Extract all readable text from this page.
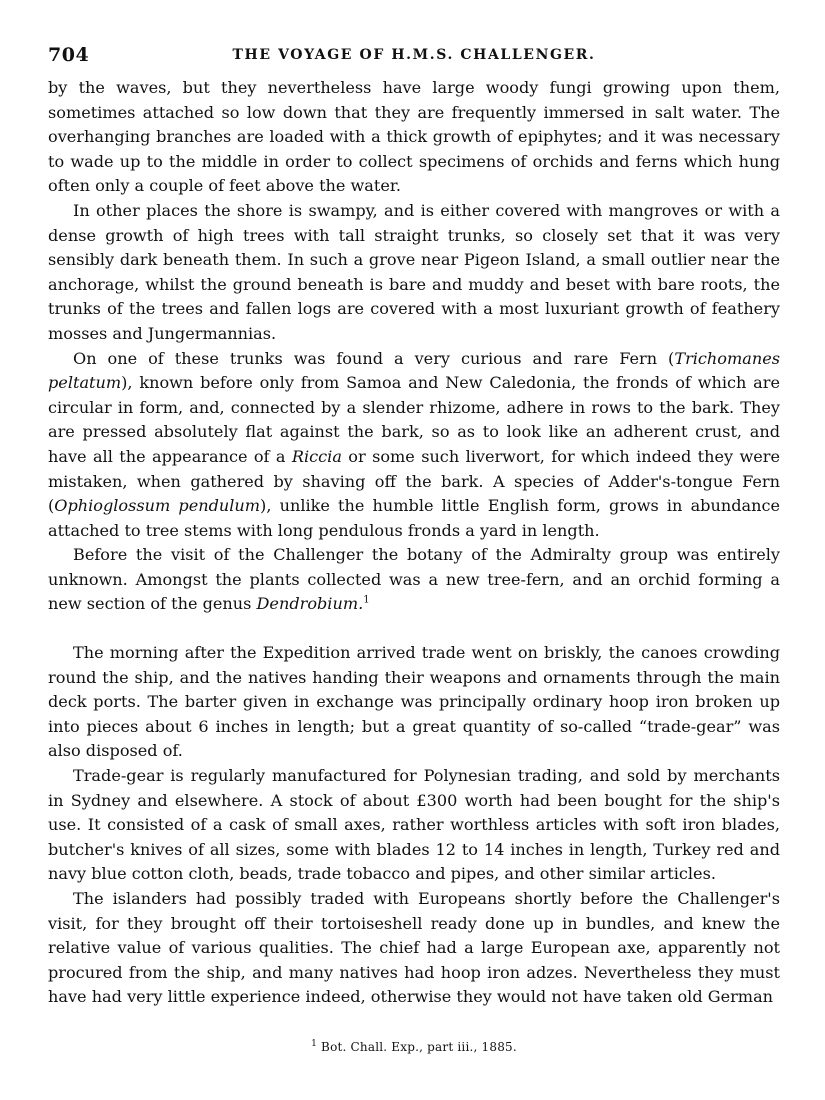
704	THE VOYAGE OF H.M.S. CHALLENGER.

by the waves, but they nevertheless have large woody fungi growing upon them, sometimes attached so low down that they are frequently immersed in salt water. The overhanging branches are loaded with a thick growth of epiphytes; and it was necessary to wade up to the middle in order to collect specimens of orchids and ferns which hung often only a couple of feet above the water.

In other places the shore is swampy, and is either covered with mangroves or with a dense growth of high trees with tall straight trunks, so closely set that it was very sensibly dark beneath them. In such a grove near Pigeon Island, a small outlier near the anchorage, whilst the ground beneath is bare and muddy and beset with bare roots, the trunks of the trees and fallen logs are covered with a most luxuriant growth of feathery mosses and Jungermannias.

On one of these trunks was found a very curious and rare Fern (Trichomanes peltatum), known before only from Samoa and New Caledonia, the fronds of which are circular in form, and, connected by a slender rhizome, adhere in rows to the bark. They are pressed absolutely flat against the bark, so as to look like an adherent crust, and have all the appearance of a Riccia or some such liverwort, for which indeed they were mistaken, when gathered by shaving off the bark. A species of Adder's-tongue Fern (Ophioglossum pendulum), unlike the humble little English form, grows in abundance attached to tree stems with long pendulous fronds a yard in length.

Before the visit of the Challenger the botany of the Admiralty group was entirely unknown. Amongst the plants collected was a new tree-fern, and an orchid forming a new section of the genus Dendrobium.$^1$

The morning after the Expedition arrived trade went on briskly, the canoes crowding round the ship, and the natives handing their weapons and ornaments through the main deck ports. The barter given in exchange was principally ordinary hoop iron broken up into pieces about 6 inches in length; but a great quantity of so-called “trade-gear” was also disposed of.

Trade-gear is regularly manufactured for Polynesian trading, and sold by merchants in Sydney and elsewhere. A stock of about £300 worth had been bought for the ship's use. It consisted of a cask of small axes, rather worthless articles with soft iron blades, butcher's knives of all sizes, some with blades 12 to 14 inches in length, Turkey red and navy blue cotton cloth, beads, trade tobacco and pipes, and other similar articles.

The islanders had possibly traded with Europeans shortly before the Challenger's visit, for they brought off their tortoiseshell ready done up in bundles, and knew the relative value of various qualities. The chief had a large European axe, apparently not procured from the ship, and many natives had hoop iron adzes. Nevertheless they must have had very little experience indeed, otherwise they would not have taken old German

$^1$ Bot. Chall. Exp., part iii., 1885.
